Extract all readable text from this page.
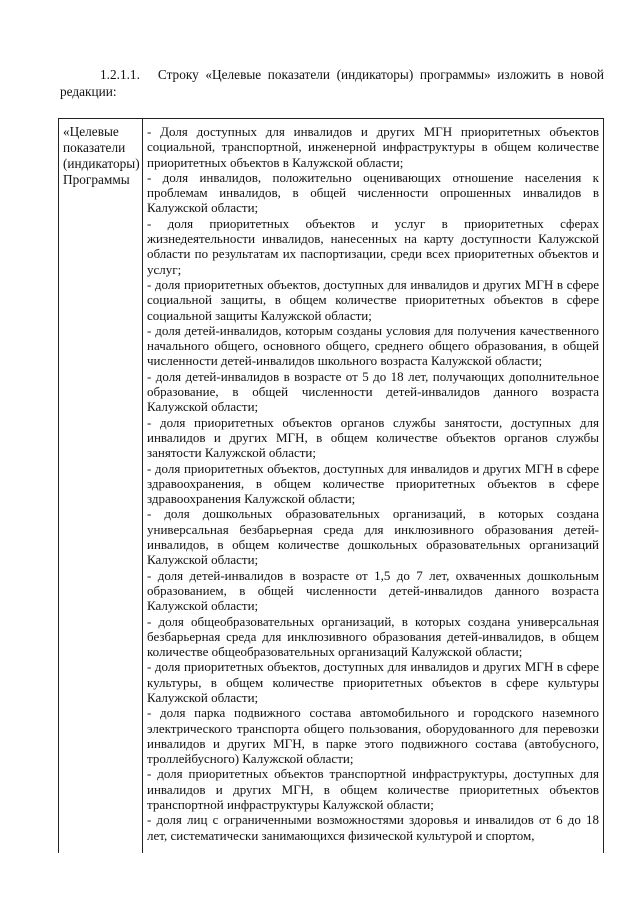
1.2.1.1. Строку «Целевые показатели (индикаторы) программы» изложить в новой редакции:
«Целевые
показатели
(индикаторы)
Программы

- Доля доступных для инвалидов и других МГН приоритетных объектов социальной, транспортной, инженерной инфраструктуры в общем количестве приоритетных объектов в Калужской области;

- доля инвалидов, положительно оценивающих отношение населения к проблемам инвалидов, в общей численности опрошенных инвалидов в Калужской области;

- доля приоритетных объектов и услуг в приоритетных сферах жизнедеятельности инвалидов, нанесенных на карту доступности Калужской области по результатам их паспортизации, среди всех приоритетных объектов и услуг;

- доля приоритетных объектов, доступных для инвалидов и других МГН в сфере социальной защиты, в общем количестве приоритетных объектов в сфере социальной защиты Калужской области;

- доля детей-инвалидов, которым созданы условия для получения качественного начального общего, основного общего, среднего общего образования, в общей численности детей-инвалидов школьного возраста Калужской области;

- доля детей-инвалидов в возрасте от 5 до 18 лет, получающих дополнительное образование, в общей численности детей-инвалидов данного возраста Калужской области;

- доля приоритетных объектов органов службы занятости, доступных для инвалидов и других МГН, в общем количестве объектов органов службы занятости Калужской области;

- доля приоритетных объектов, доступных для инвалидов и других МГН в сфере здравоохранения, в общем количестве приоритетных объектов в сфере здравоохранения Калужской области;

- доля дошкольных образовательных организаций, в которых создана универсальная безбарьерная среда для инклюзивного образования детей-инвалидов, в общем количестве дошкольных образовательных организаций Калужской области;

- доля детей-инвалидов в возрасте от 1,5 до 7 лет, охваченных дошкольным образованием, в общей численности детей-инвалидов данного возраста Калужской области;

- доля общеобразовательных организаций, в которых создана универсальная безбарьерная среда для инклюзивного образования детей-инвалидов, в общем количестве общеобразовательных организаций Калужской области;

- доля приоритетных объектов, доступных для инвалидов и других МГН в сфере культуры, в общем количестве приоритетных объектов в сфере культуры Калужской области;

- доля парка подвижного состава автомобильного и городского наземного электрического транспорта общего пользования, оборудованного для перевозки инвалидов и других МГН, в парке этого подвижного состава (автобусного, троллейбусного) Калужской области;

- доля приоритетных объектов транспортной инфраструктуры, доступных для инвалидов и других МГН, в общем количестве приоритетных объектов транспортной инфраструктуры Калужской области;

- доля лиц с ограниченными возможностями здоровья и инвалидов от 6 до 18 лет, систематически занимающихся физической культурой и спортом,
